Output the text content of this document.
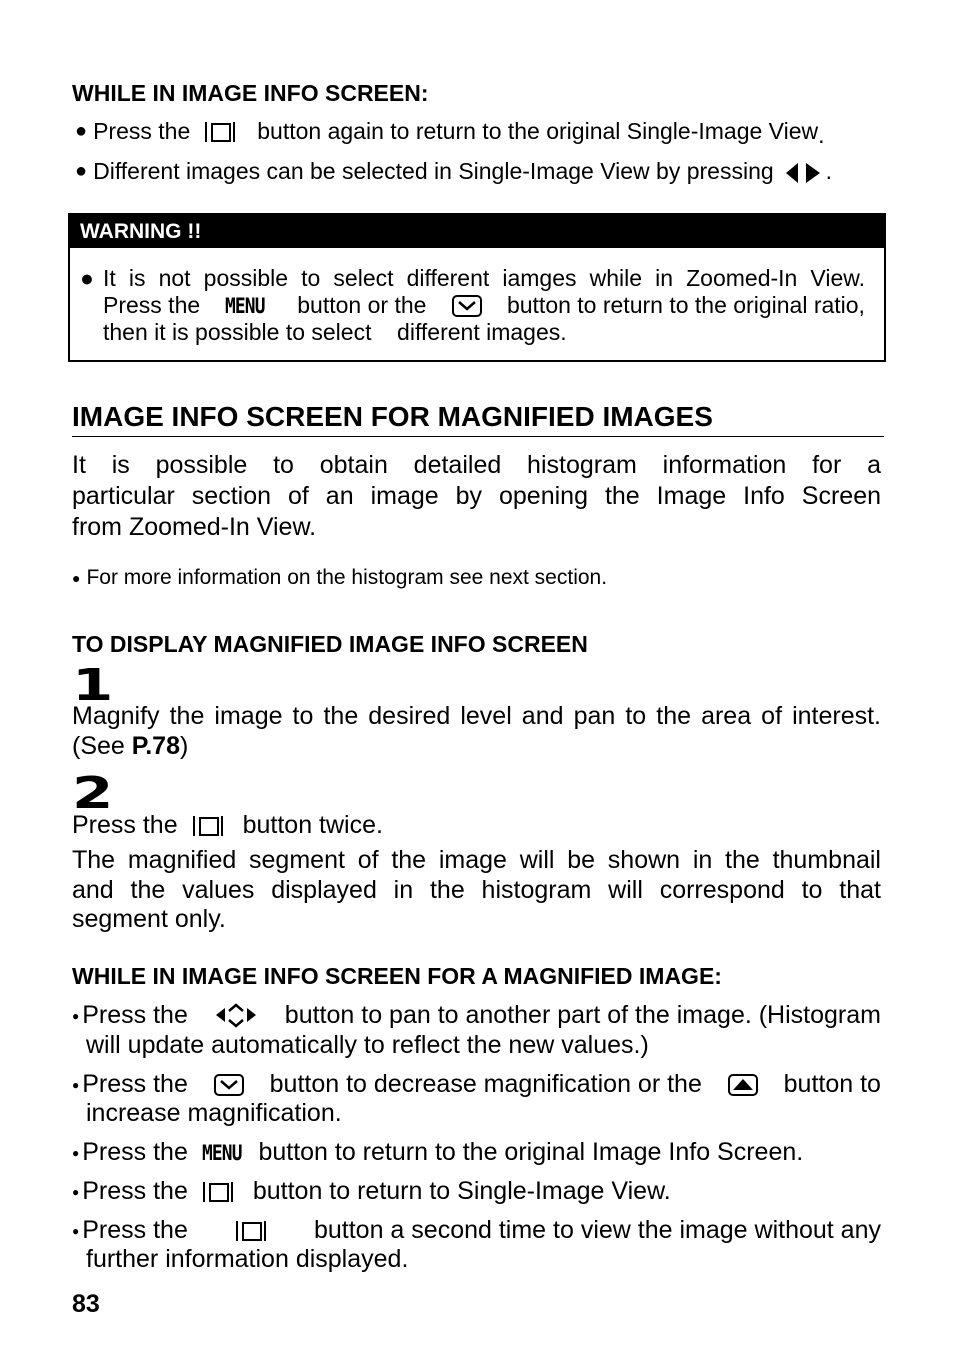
WHILE IN IMAGE INFO SCREEN:
● Press the	button again to return to the original Single-Image View .
● Different images can be selected in Single-Image View by pressing .
WARNING !!
● It is not possible to select different iamges while in Zoomed-In View.
Press the MENU button or the	button to return to the original ratio,
then it is possible to select    different images.
IMAGE INFO SCREEN FOR MAGNIFIED IMAGES
It is possible to obtain detailed histogram information for a
particular section of an image by opening the Image Info Screen
from Zoomed-In View.
● For more information on the histogram see next section.
TO DISPLAY MAGNIFIED IMAGE INFO SCREEN
1
Magnify the image to the desired level and pan to the area of interest.
(See P.78)
2
Press the	button twice.
The magnified segment of the image will be shown in the thumbnail
and the values displayed in the histogram will correspond to that
segment only.
WHILE IN IMAGE INFO SCREEN FOR A MAGNIFIED IMAGE:
● Press the	button to pan to another part of the image. (Histogram
will update automatically to reflect the new values.)
● Press the	button to decrease magnification or the	button to
increase magnification.
● Press the MENU button to return to the original Image Info Screen.
● Press the	button to return to Single-Image View.
● Press the	button a second time to view the image without any
further information displayed.
83
